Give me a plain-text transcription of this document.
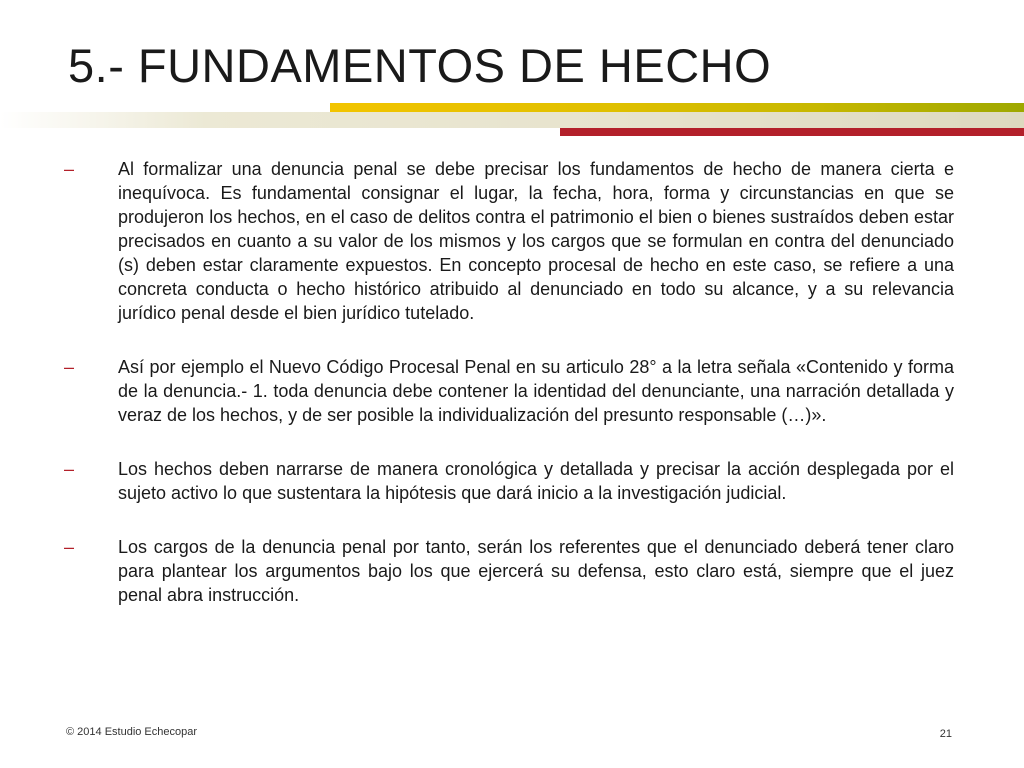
5.- FUNDAMENTOS DE HECHO
–	Al formalizar una denuncia penal se debe precisar los fundamentos de hecho de manera cierta e inequívoca. Es fundamental consignar el lugar, la fecha, hora, forma y circunstancias en que se produjeron los hechos, en el caso de delitos contra el patrimonio el bien o bienes sustraídos deben estar precisados en cuanto a su valor de los mismos y los cargos que se formulan en contra del denunciado (s) deben estar claramente expuestos. En concepto procesal de hecho en este caso, se refiere a una concreta conducta o hecho histórico atribuido al denunciado en todo su alcance, y a su relevancia jurídico penal desde el bien jurídico tutelado.

–	Así por ejemplo el Nuevo Código Procesal Penal en su articulo 28° a la letra señala «Contenido y forma de la denuncia.- 1. toda denuncia debe contener la identidad del denunciante, una narración detallada y veraz de los hechos, y de ser posible la individualización del presunto responsable (…)».

–	Los hechos deben narrarse de manera cronológica y detallada y precisar la acción desplegada por el sujeto activo lo que sustentara la hipótesis que dará inicio a la investigación judicial.

–	Los cargos de la denuncia penal por tanto, serán los referentes que el denunciado deberá tener claro para plantear los argumentos bajo los que ejercerá su defensa, esto claro está, siempre que el juez penal abra instrucción.

© 2014 Estudio Echecopar	21
